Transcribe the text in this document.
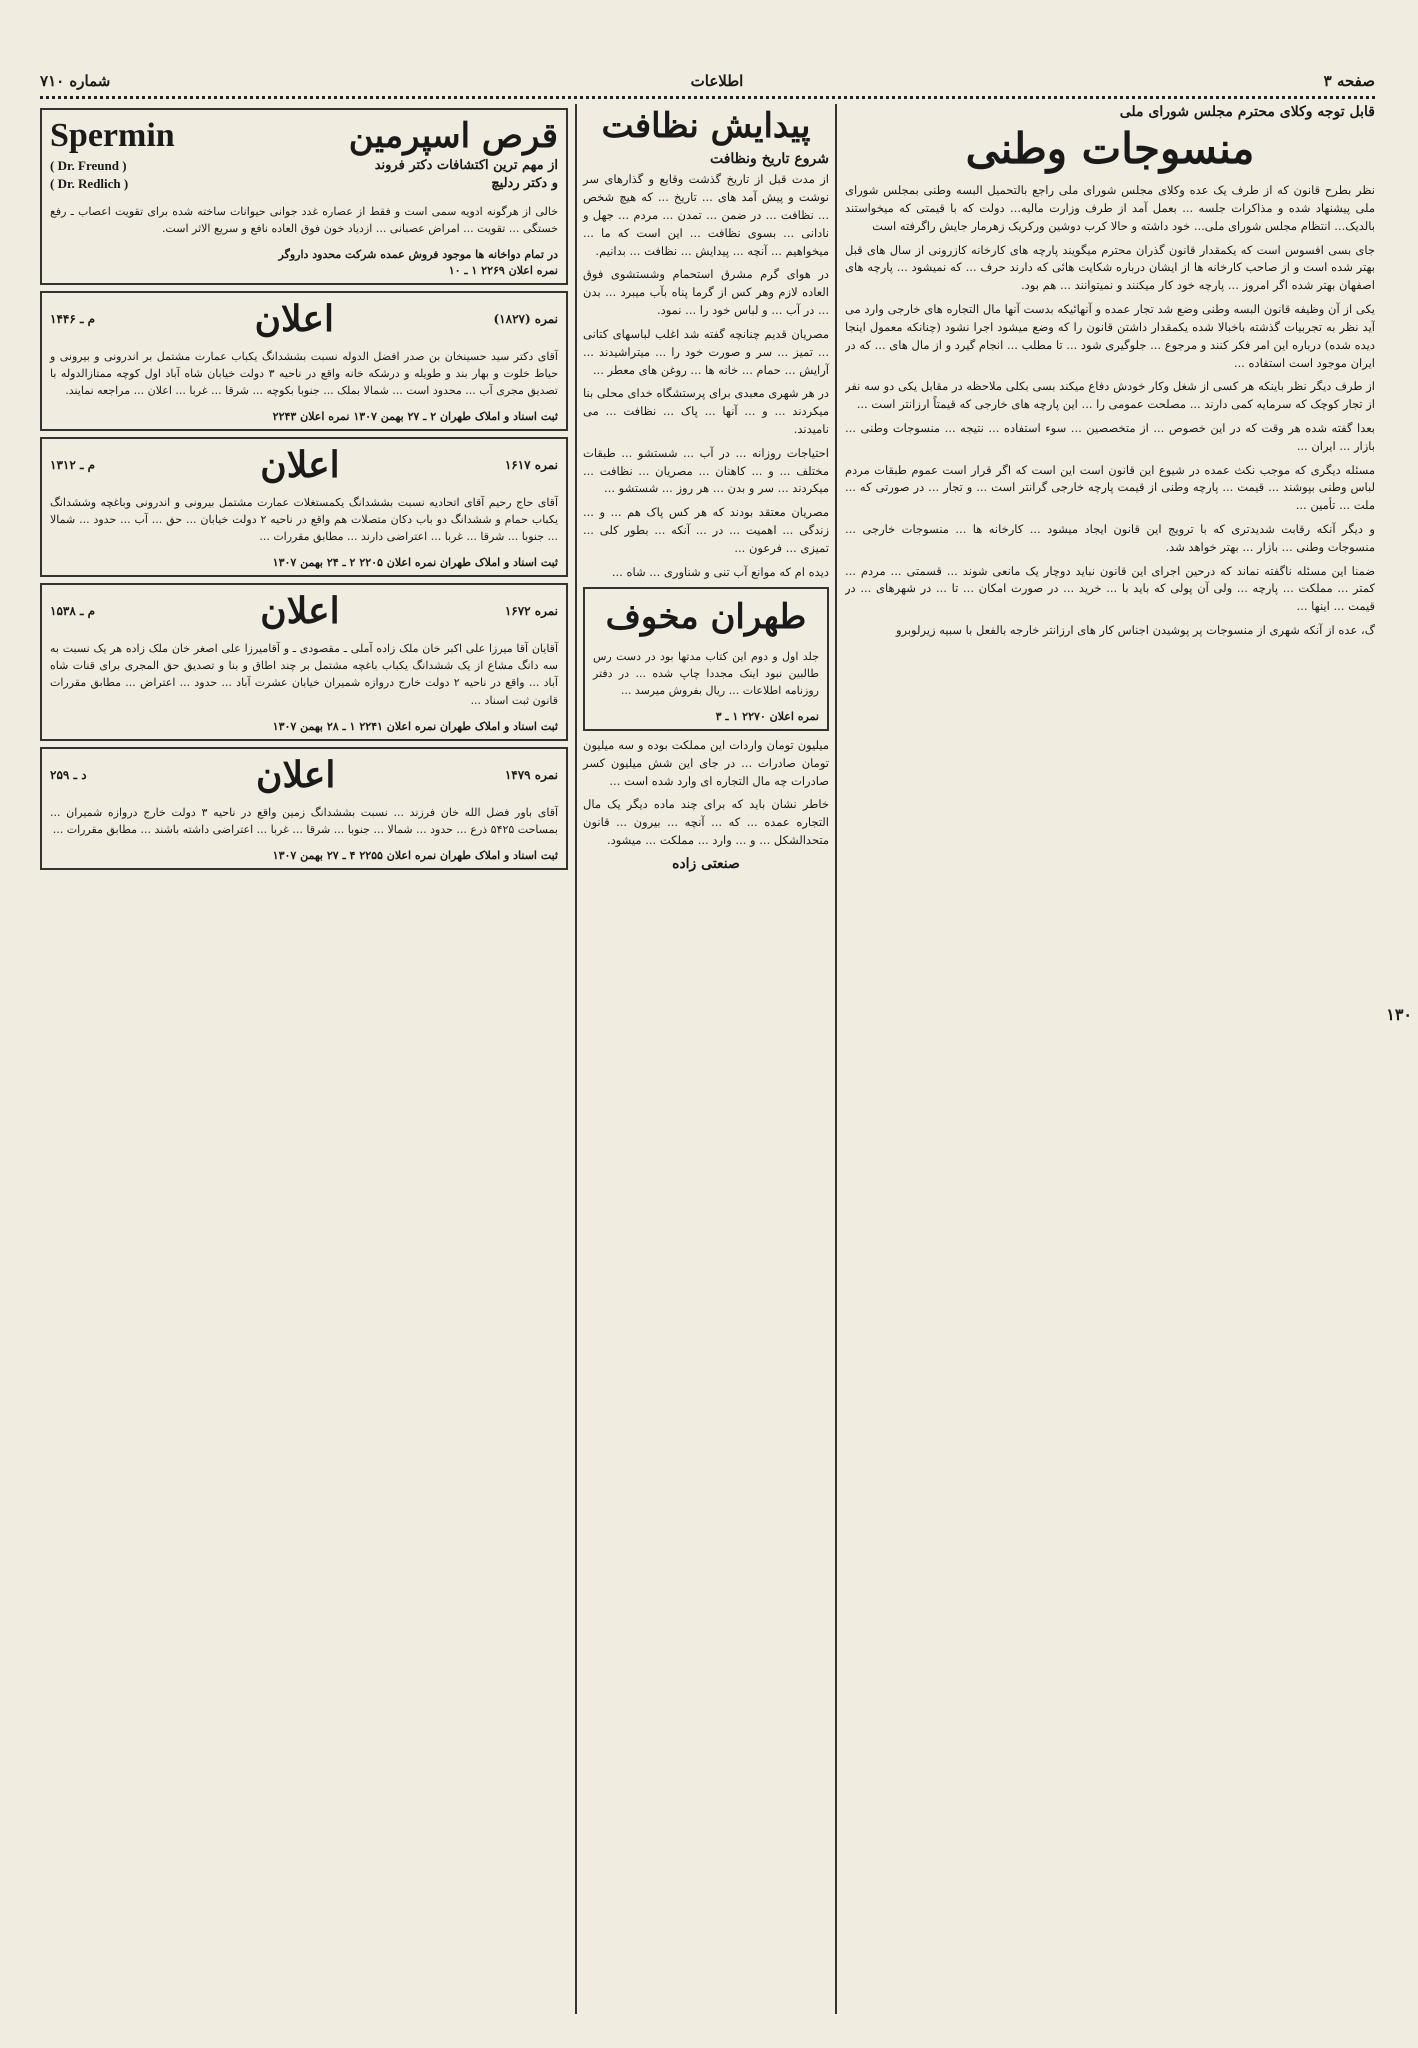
صفحه ۳
اطلاعات
شماره ۷۱۰
۱۳۰

قابل توجه وکلای محترم مجلس شورای ملی

منسوجات وطنی

نظر بطرح قانون که از طرف یک عده وکلای مجلس شورای ملی راجع بالتحمیل البسه وطنی بمجلس شورای ملی پیشنهاد شده و مذاکرات جلسه ... بعمل آمد از طرف وزارت مالیه... دولت که با قیمتی که میخواستند بالدیک... انتظام مجلس شورای ملی... خود داشته و حالا کرب دوشین ورکریک زهرمار جایش راگرفته است

جای بسی افسوس است که یکمقدار قانون گذران محترم میگویند پارچه های کارخانه کازرونی از سال های قبل بهتر شده است و از صاحب کارخانه ها از ایشان درباره شکایت هائی که دارند حرف ... که نمیشود ... پارچه های اصفهان بهتر شده اگر امروز ... پارچه خود کار میکنند و نمیتوانند ... هم بود.

یکی از آن وظیفه قانون البسه وطنی وضع شد تجار عمده و آنهائیکه بدست آنها مال التجاره های خارجی وارد می آید نظر به تجربیات گذشته باخبالا شده یکمقدار داشتن قانون را که وضع میشود اجرا نشود (چنانکه معمول اینجا دیده شده) درباره این امر فکر کنند و مرجوع ... جلوگیری شود ... تا مطلب ... انجام گیرد و از مال های ... که در ایران موجود است استفاده ...

از طرف دیگر نظر باینکه هر کسی از شغل وکار خودش دفاع میکند بسی بکلی ملاحظه در مقابل یکی دو سه نفر از تجار کوچک که سرمایه کمی دارند ... مصلحت عمومی را ... این پارچه های خارجی که قیمتاً ارزانتر است ...

بعدا گفته شده هر وقت که در این خصوص ... از متخصصین ... سوء استفاده ... نتیجه ... منسوجات وطنی ... بازار ... ایران ...

مسئله دیگری که موجب نکث عمده در شیوع این قانون است این است که اگر قرار است عموم طبقات مردم لباس وطنی بپوشند ... قیمت ... پارچه وطنی از قیمت پارچه خارجی گرانتر است ... و تجار ... در صورتی که ... ملت ... تأمین ...

و دیگر آنکه رقابت شدیدتری که با ترویج این قانون ایجاد میشود ... کارخانه ها ... منسوجات خارجی ... منسوجات وطنی ... بازار ... بهتر خواهد شد.

ضمنا این مسئله ناگفته نماند که درحین اجرای این قانون نباید دوچار یک مانعی شوند ... قسمتی ... مردم ... کمتر ... مملکت ... پارچه ... ولی آن پولی که باید با ... خرید ... در صورت امکان ... تا ... در شهرهای ... در قیمت ... اینها ...

گ، عده از آنکه شهری از منسوجات پر پوشیدن اجناس کار های ارزانتر خارجه بالفعل با سبیه زیرلوبرو

پیدایش نظافت
شروع تاریخ ونظافت

از مدت قبل از تاریخ گذشت وقایع و گذارهای سر نوشت و پیش آمد های ... تاریخ ... که هیچ شخص ... نظافت ... در ضمن ... تمدن ... مردم ... جهل و نادانی ... بسوی نظافت ... این است که ما ... میخواهیم ... آنچه ... پیدایش ... نظافت ... بدانیم.

در هوای گرم مشرق استحمام وشستشوی فوق العاده لازم وهر کس از گرما پناه بآب میبرد ... بدن ... در آب ... و لباس خود را ... نمود.

مصریان قدیم چنانچه گفته شد اغلب لباسهای کتانی ... تمیز ... سر و صورت خود را ... میتراشیدند ... آرایش ... حمام ... خانه ها ... روغن های معطر ...

در هر شهری معبدی برای پرستشگاه خدای محلی بنا میکردند ... و ... آنها ... پاک ... نظافت ... می نامیدند.

احتیاجات روزانه ... در آب ... شستشو ... طبقات مختلف ... و ... کاهنان ... مصریان ... نظافت ... میکردند ... سر و بدن ... هر روز ... شستشو ...

مصریان معتقد بودند که هر کس پاک هم ... و ... زندگی ... اهمیت ... در ... آنکه ... بطور کلی ... تمیزی ... فرعون ...

دیده ام که موانع آب تنی و شناوری ... شاه ...

طهران مخوف

جلد اول و دوم این کتاب مدتها بود در دست رس طالبین نبود اینک مجددا چاپ شده ... در دفتر روزنامه اطلاعات ... ریال بفروش میرسد ...

نمره اعلان ۲۲۷۰ ۱ ـ ۳

میلیون تومان واردات این مملکت بوده و سه میلیون تومان صادرات ... در جای این شش میلیون کسر صادرات چه مال التجاره ای وارد شده است ...

خاطر نشان باید که برای چند ماده دیگر یک مال التجاره عمده ... که ... آنچه ... بیرون ... قانون متحدالشکل ... و ... وارد ... مملکت ... میشود.

صنعتی زاده
قرص اسپرمین
Spermin
از مهم ترین اکتشافات دکتر فروند
( Dr. Freund )
و دکتر ردلیچ
( Dr. Redlich )

خالی از هرگونه ادویه سمی است و فقط از عصاره غدد جوانی حیوانات ساخته شده برای تقویت اعصاب ـ رفع خستگی ... تقویت ... امراض عصبانی ... ازدیاد خون فوق العاده نافع و سریع الاثر است.

در تمام دواخانه ها موجود فروش عمده شرکت محدود داروگر
نمره اعلان ۲۲۶۹ ۱ ـ ۱۰
نمره (۱۸۲۷)
اعلان
م ـ ۱۴۴۶

آقای دکتر سید حسینخان بن صدر افضل الدوله نسبت بششدانگ یکباب عمارت مشتمل بر اندرونی و بیرونی و حیاط خلوت و بهار بند و طویله و درشکه خانه واقع در ناحیه ۳ دولت خیابان شاه آباد اول کوچه ممتازالدوله با تصدیق مجری آب ... محدود است ... شمالا بملک ... جنوبا بکوچه ... شرقا ... غربا ... اعلان ... مراجعه نمایند.

ثبت اسناد و املاک طهران ۲ ـ ۲۷ بهمن ۱۳۰۷ نمره اعلان ۲۲۴۳
نمره ۱۶۱۷
اعلان
م ـ ۱۳۱۲

آقای حاج رحیم آقای اتحادیه نسبت بششدانگ یکمستغلات عمارت مشتمل بیرونی و اندرونی وباغچه وششدانگ یکباب حمام و ششدانگ دو باب دکان متصلات هم واقع در ناحیه ۲ دولت خیابان ... حق ... آب ... حدود ... شمالا ... جنوبا ... شرقا ... غربا ... اعتراضی دارند ... مطابق مقررات ...

ثبت اسناد و املاک طهران نمره اعلان ۲۲۰۵ ۲ ـ ۲۴ بهمن ۱۳۰۷
نمره ۱۶۷۲
اعلان
م ـ ۱۵۳۸

آقایان آقا میرزا علی اکبر خان ملک زاده آملی ـ مقصودی ـ و آقامیرزا علی اصغر خان ملک زاده هر یک نسبت به سه دانگ مشاع از یک ششدانگ یکباب باغچه مشتمل بر چند اطاق و بنا و تصدیق حق المجری برای قنات شاه آباد ... واقع در ناحیه ۲ دولت خارج دروازه شمیران خیابان عشرت آباد ... حدود ... اعتراض ... مطابق مقررات قانون ثبت اسناد ...

ثبت اسناد و املاک طهران نمره اعلان ۲۲۴۱ ۱ ـ ۲۸ بهمن ۱۳۰۷
نمره ۱۴۷۹
اعلان
د ـ ۲۵۹

آقای باور فضل الله خان فرزند ... نسبت بششدانگ زمین واقع در ناحیه ۳ دولت خارج دروازه شمیران ... بمساحت ۵۴۲۵ ذرع ... حدود ... شمالا ... جنوبا ... شرقا ... غربا ... اعتراضی داشته باشند ... مطابق مقررات ...

ثبت اسناد و املاک طهران نمره اعلان ۲۲۵۵ ۴ ـ ۲۷ بهمن ۱۳۰۷
